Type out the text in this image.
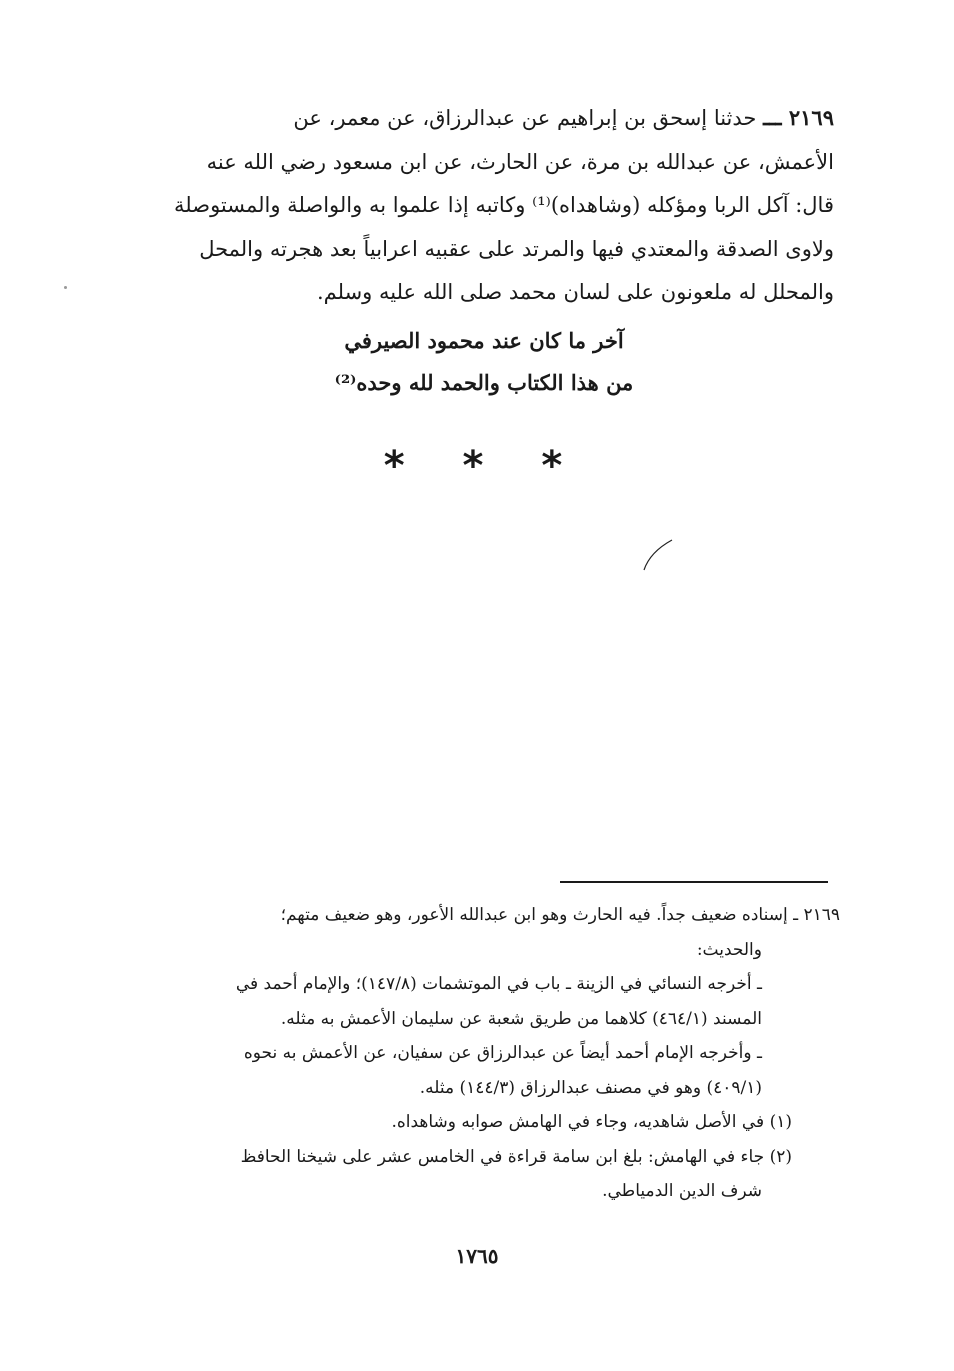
٢١٦٩ ـــ حدثنا إسحق بن إبراهيم عن عبدالرزاق، عن معمر، عن
الأعمش، عن عبدالله بن مرة، عن الحارث، عن ابن مسعود رضي الله عنه
قال: آكل الربا ومؤكله (وشاهداه)⁽¹⁾ وكاتبه إذا علموا به والواصلة والمستوصلة
ولاوى الصدقة والمعتدي فيها والمرتد على عقبيه اعرابياً بعد هجرته والمحل
والمحلل له ملعونون على لسان محمد صلى الله عليه وسلم.
آخر ما كان عند محمود الصيرفي
من هذا الكتاب والحمد لله وحده⁽²⁾
* * *
٢١٦٩ ـ إسناده ضعيف جداً. فيه الحارث وهو ابن عبدالله الأعور، وهو ضعيف متهم؛
والحديث:
ـ أخرجه النسائي في الزينة ـ باب في الموتشمات (١٤٧/٨)؛ والإمام أحمد في
المسند (٤٦٤/١) كلاهما من طريق شعبة عن سليمان الأعمش به مثله.
ـ وأخرجه الإمام أحمد أيضاً عن عبدالرزاق عن سفيان، عن الأعمش به نحوه
(٤٠٩/١) وهو في مصنف عبدالرزاق (١٤٤/٣) مثله.
(١) في الأصل شاهديه، وجاء في الهامش صوابه وشاهداه.
(٢) جاء في الهامش: بلغ ابن سامة قراءة في الخامس عشر على شيخنا الحافظ
شرف الدين الدمياطي.
١٧٦٥
